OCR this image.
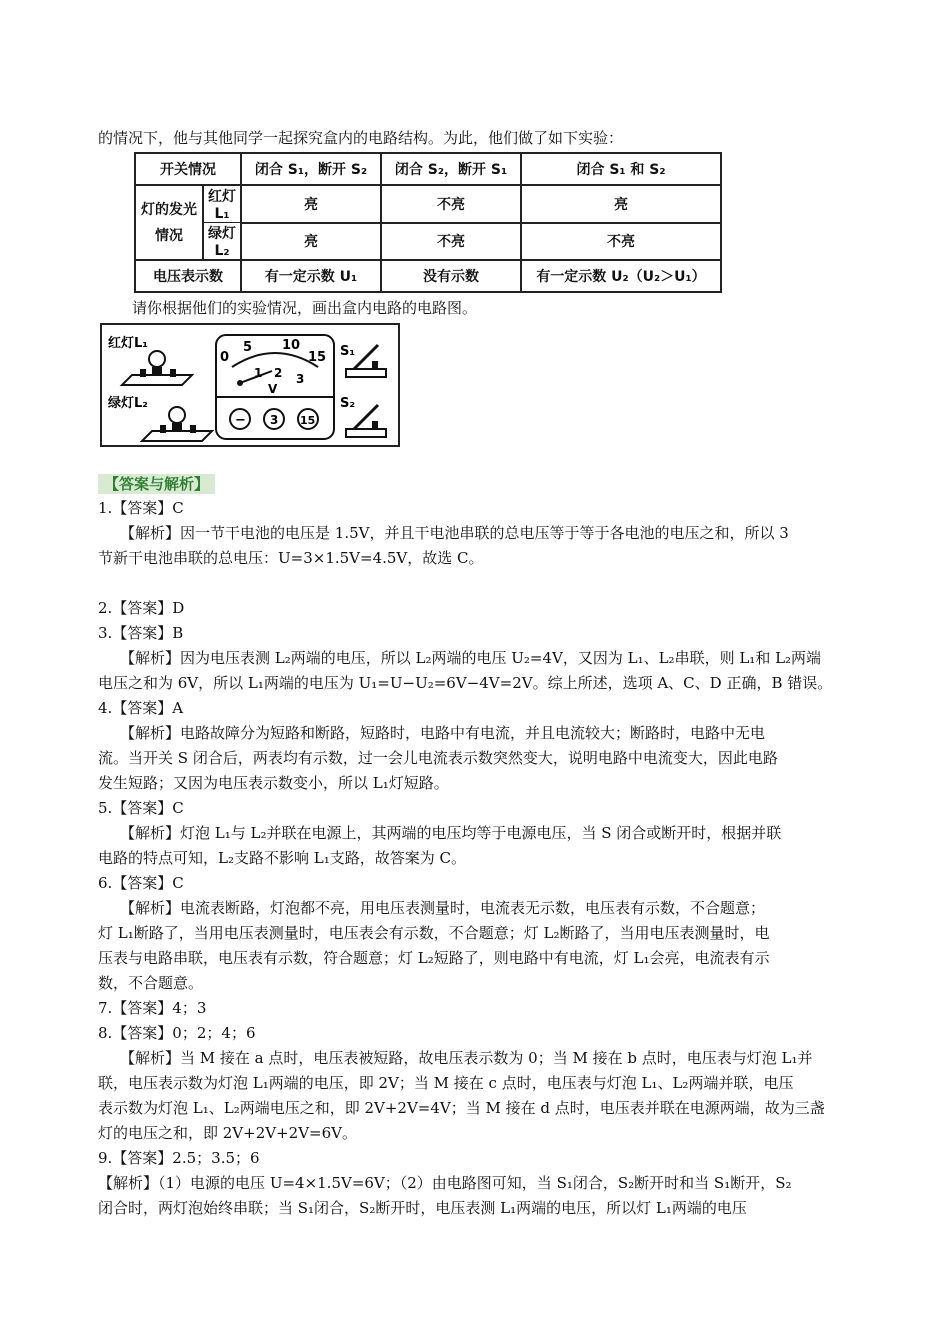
的情况下，他与其他同学一起探究盒内的电路结构。为此，他们做了如下实验：
开关情况		闭合 S₁，断开 S₂	闭合 S₂，断开 S₁	闭合 S₁ 和 S₂
灯的发光情况	红灯 L₁	亮	不亮	亮
	绿灯 L₂	亮	不亮	不亮
电压表示数		有一定示数 U₁	没有示数	有一定示数 U₂（U₂＞U₁）
请你根据他们的实验情况，画出盒内电路的电路图。
红灯L₁
绿灯L₂
0
5 10
15
1 2 3
V
− 3 15
S₁
S₂
【答案与解析】
1.【答案】C
【解析】因一节干电池的电压是 1.5V，并且干电池串联的总电压等于等于各电池的电压之和，所以 3
节新干电池串联的总电压：U=3×1.5V=4.5V，故选 C。
2.【答案】D
3.【答案】B
【解析】因为电压表测 L₂两端的电压，所以 L₂两端的电压 U₂=4V，又因为 L₁、L₂串联，则 L₁和 L₂两端
电压之和为 6V，所以 L₁两端的电压为 U₁=U−U₂=6V−4V=2V。综上所述，选项 A、C、D 正确，B 错误。
4.【答案】A
【解析】电路故障分为短路和断路，短路时，电路中有电流，并且电流较大；断路时，电路中无电
流。当开关 S 闭合后，两表均有示数，过一会儿电流表示数突然变大，说明电路中电流变大，因此电路
发生短路；又因为电压表示数变小，所以 L₁灯短路。
5.【答案】C
【解析】灯泡 L₁与 L₂并联在电源上，其两端的电压均等于电源电压，当 S 闭合或断开时，根据并联
电路的特点可知，L₂支路不影响 L₁支路，故答案为 C。
6.【答案】C
【解析】电流表断路，灯泡都不亮，用电压表测量时，电流表无示数，电压表有示数，不合题意；
灯 L₁断路了，当用电压表测量时，电压表会有示数，不合题意；灯 L₂断路了，当用电压表测量时，电
压表与电路串联，电压表有示数，符合题意；灯 L₂短路了，则电路中有电流，灯 L₁会亮，电流表有示
数，不合题意。
7.【答案】4；3
8.【答案】0；2；4；6
【解析】当 M 接在 a 点时，电压表被短路，故电压表示数为 0；当 M 接在 b 点时，电压表与灯泡 L₁并
联，电压表示数为灯泡 L₁两端的电压，即 2V；当 M 接在 c 点时，电压表与灯泡 L₁、L₂两端并联，电压
表示数为灯泡 L₁、L₂两端电压之和，即 2V+2V=4V；当 M 接在 d 点时，电压表并联在电源两端，故为三盏
灯的电压之和，即 2V+2V+2V=6V。
9.【答案】2.5；3.5；6
【解析】（1）电源的电压 U=4×1.5V=6V；（2）由电路图可知，当 S₁闭合，S₂断开时和当 S₁断开，S₂
闭合时，两灯泡始终串联；当 S₁闭合，S₂断开时，电压表测 L₁两端的电压，所以灯 L₁两端的电压
